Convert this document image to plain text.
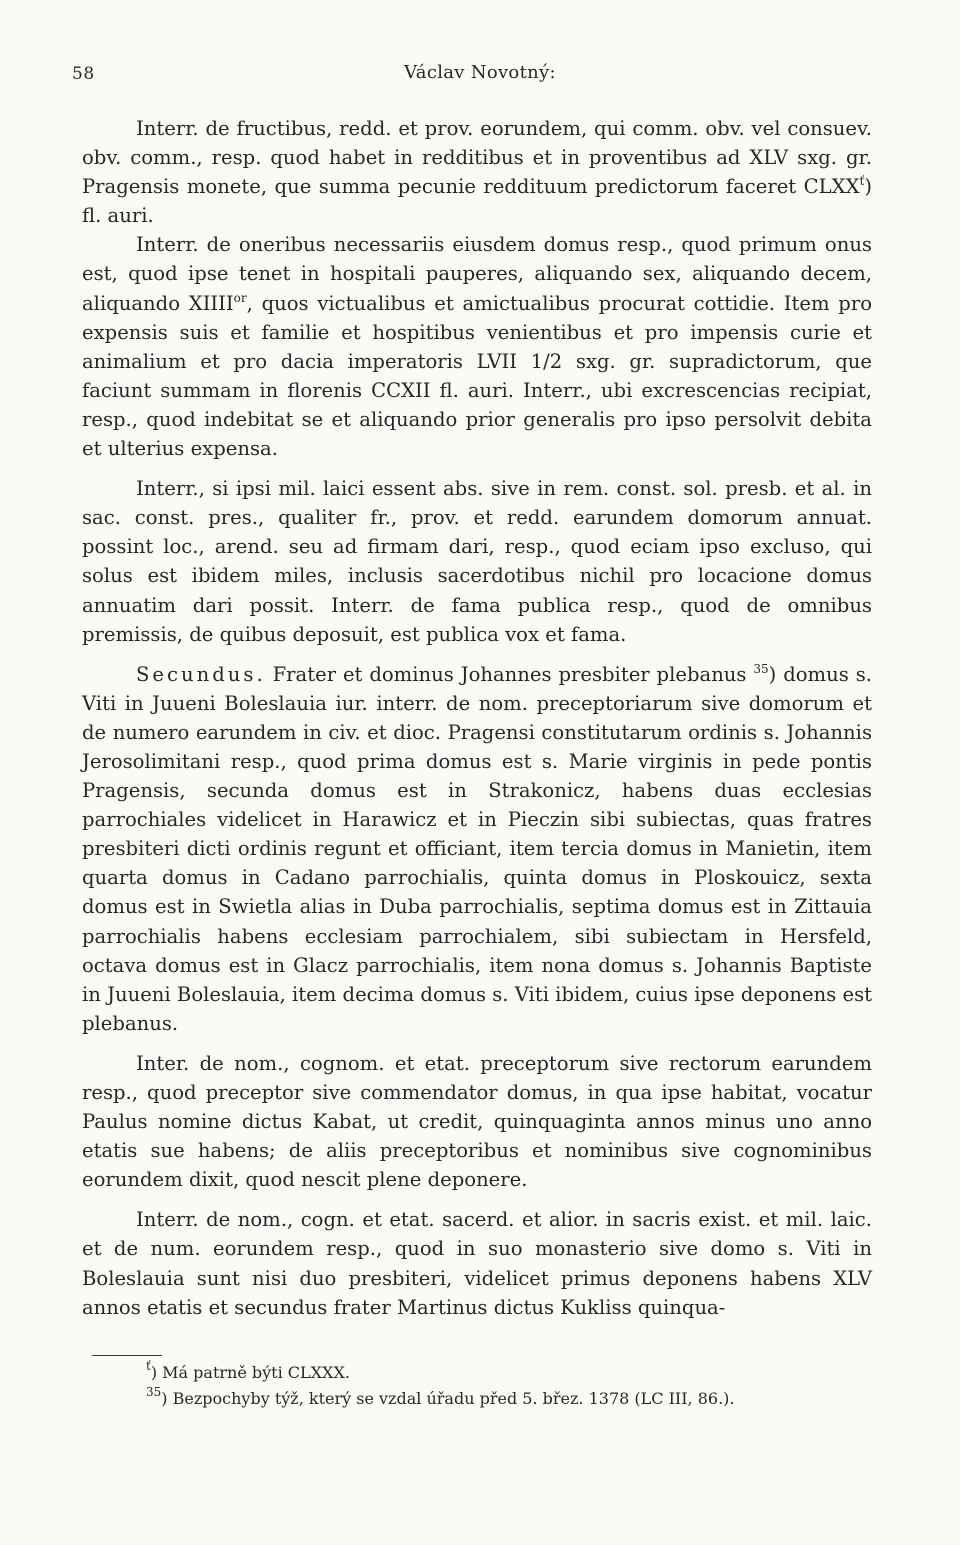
58	Václav Novotný:

Interr. de fructibus, redd. et prov. eorundem, qui comm. obv. vel consuev. obv. comm., resp. quod habet in redditibus et in proventibus ad XLV sxg. gr. Pragensis monete, que summa pecunie reddituum predictorum faceret $CLXX^ť$) fl. auri.

Interr. de oneribus necessariis eiusdem domus resp., quod primum onus est, quod ipse tenet in hospitali pauperes, aliquando sex, aliquando decem, aliquando $XIIII^{or}$, quos victualibus et amictualibus procurat cottidie. Item pro expensis suis et familie et hospitibus venientibus et pro impensis curie et animalium et pro dacia imperatoris LVII 1/2 sxg. gr. supradictorum, que faciunt summam in florenis CCXII fl. auri. Interr., ubi excrescencias recipiat, resp., quod indebitat se et aliquando prior generalis pro ipso persolvit debita et ulterius expensa.

Interr., si ipsi mil. laici essent abs. sive in rem. const. sol. presb. et al. in sac. const. pres., qualiter fr., prov. et redd. earundem domorum annuat. possint loc., arend. seu ad firmam dari, resp., quod eciam ipso excluso, qui solus est ibidem miles, inclusis sacerdotibus nichil pro locacione domus annuatim dari possit. Interr. de fama publica resp., quod de omnibus premissis, de quibus deposuit, est publica vox et fama.

Secundus. Frater et dominus Johannes presbiter plebanus $^{35}$) domus s. Viti in Juueni Boleslauia iur. interr. de nom. preceptoriarum sive domorum et de numero earundem in civ. et dioc. Pragensi constitutarum ordinis s. Johannis Jerosolimitani resp., quod prima domus est s. Marie virginis in pede pontis Pragensis, secunda domus est in Strakonicz, habens duas ecclesias parrochiales videlicet in Harawicz et in Pieczin sibi subiectas, quas fratres presbiteri dicti ordinis regunt et officiant, item tercia domus in Manietin, item quarta domus in Cadano parrochialis, quinta domus in Ploskouicz, sexta domus est in Swietla alias in Duba parrochialis, septima domus est in Zittauia parrochialis habens ecclesiam parrochialem, sibi subiectam in Hersfeld, octava domus est in Glacz parrochialis, item nona domus s. Johannis Baptiste in Juueni Boleslauia, item decima domus s. Viti ibidem, cuius ipse deponens est plebanus.

Inter. de nom., cognom. et etat. preceptorum sive rectorum earundem resp., quod preceptor sive commendator domus, in qua ipse habitat, vocatur Paulus nomine dictus Kabat, ut credit, quinquaginta annos minus uno anno etatis sue habens; de aliis preceptoribus et nominibus sive cognominibus eorundem dixit, quod nescit plene deponere.

Interr. de nom., cogn. et etat. sacerd. et alior. in sacris exist. et mil. laic. et de num. eorundem resp., quod in suo monasterio sive domo s. Viti in Boleslauia sunt nisi duo presbiteri, videlicet primus deponens habens XLV annos etatis et secundus frater Martinus dictus Kukliss quinqua-

$^ť$) Má patrně býti CLXXX.

$^{35}$) Bezpochyby týž, který se vzdal úřadu před 5. břez. 1378 (LC III, 86.).
